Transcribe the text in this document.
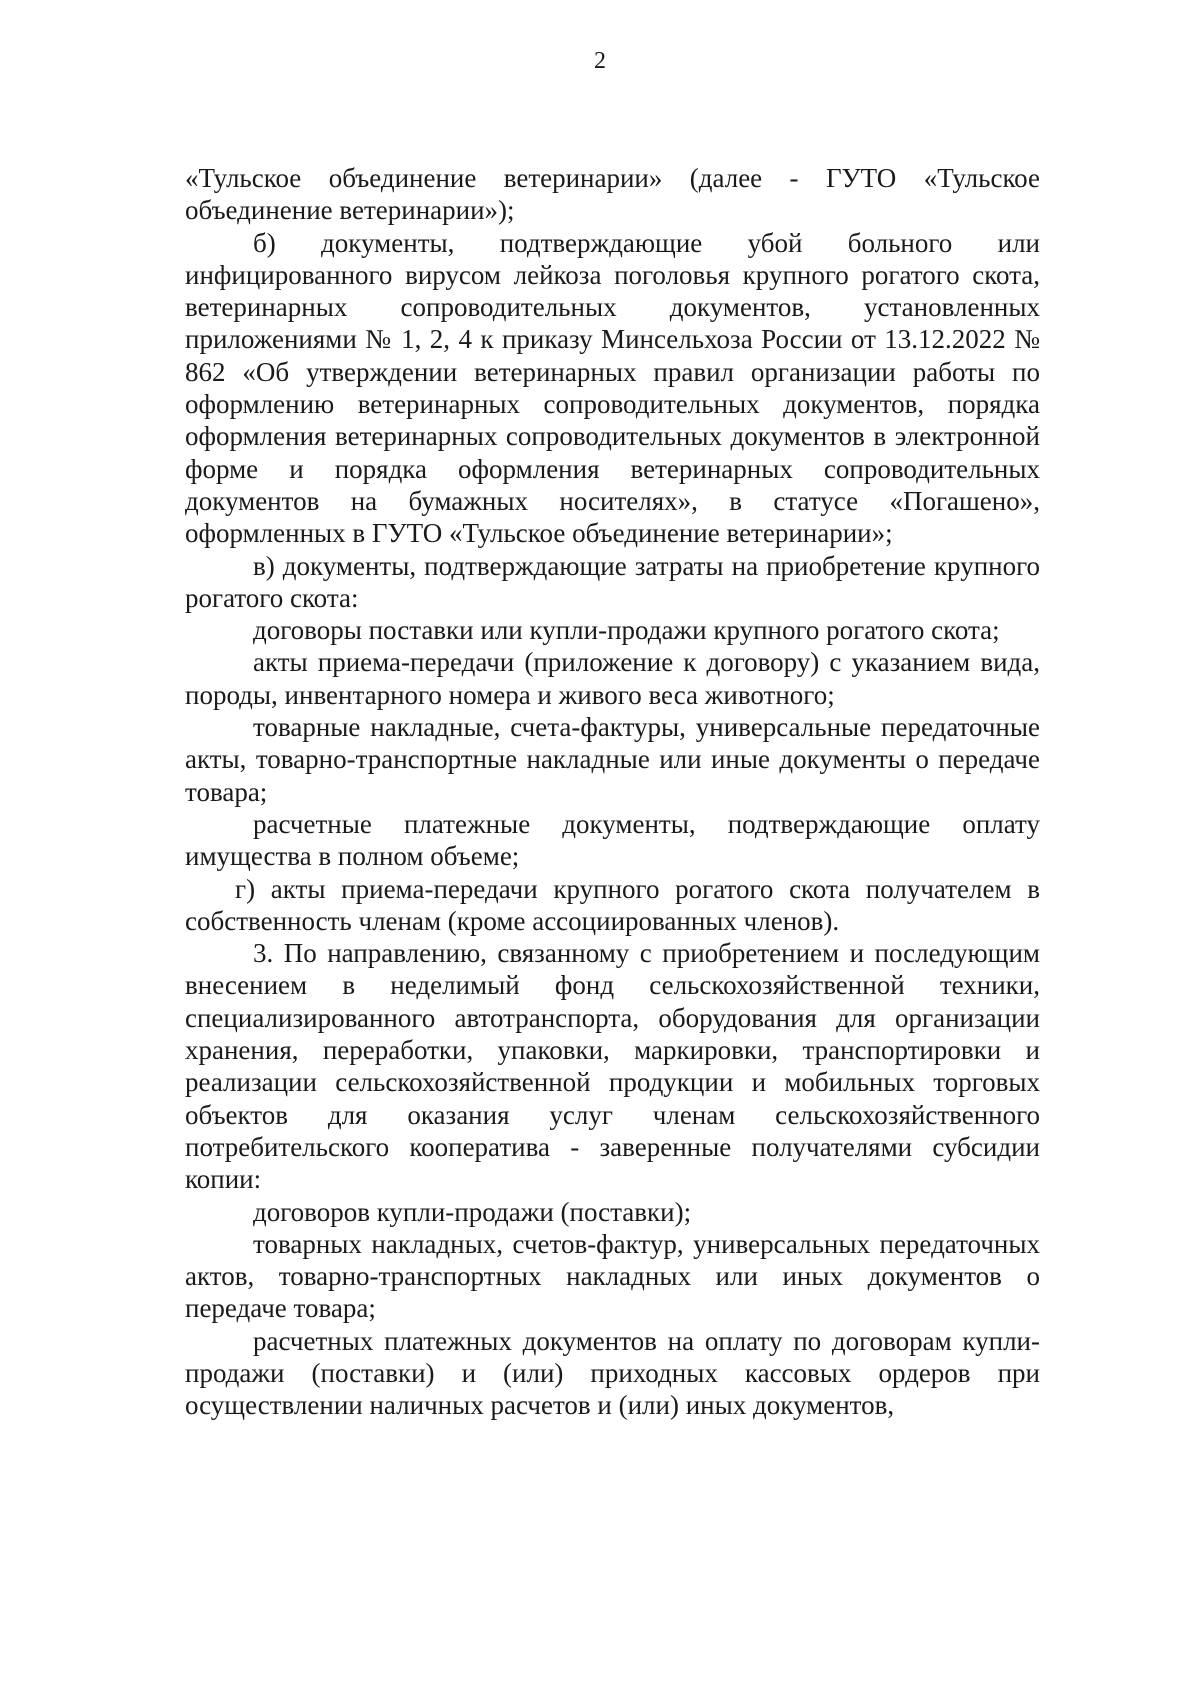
2

«Тульское объединение ветеринарии» (далее - ГУТО «Тульское объединение ветеринарии»);

б) документы, подтверждающие убой больного или инфицированного вирусом лейкоза поголовья крупного рогатого скота, ветеринарных сопроводительных документов, установленных приложениями № 1, 2, 4 к приказу Минсельхоза России от 13.12.2022 № 862 «Об утверждении ветеринарных правил организации работы по оформлению ветеринарных сопроводительных документов, порядка оформления ветеринарных сопроводительных документов в электронной форме и порядка оформления ветеринарных сопроводительных документов на бумажных носителях», в статусе «Погашено», оформленных в ГУТО «Тульское объединение ветеринарии»;

в) документы, подтверждающие затраты на приобретение крупного рогатого скота:

договоры поставки или купли-продажи крупного рогатого скота;

акты приема-передачи (приложение к договору) с указанием вида, породы, инвентарного номера и живого веса животного;

товарные накладные, счета-фактуры, универсальные передаточные акты, товарно-транспортные накладные или иные документы о передаче товара;

расчетные платежные документы, подтверждающие оплату имущества в полном объеме;

г) акты приема-передачи крупного рогатого скота получателем в собственность членам (кроме ассоциированных членов).

3. По направлению, связанному с приобретением и последующим внесением в неделимый фонд сельскохозяйственной техники, специализированного автотранспорта, оборудования для организации хранения, переработки, упаковки, маркировки, транспортировки и реализации сельскохозяйственной продукции и мобильных торговых объектов для оказания услуг членам сельскохозяйственного потребительского кооператива - заверенные получателями субсидии копии:

договоров купли-продажи (поставки);

товарных накладных, счетов-фактур, универсальных передаточных актов, товарно-транспортных накладных или иных документов о передаче товара;

расчетных платежных документов на оплату по договорам купли-продажи (поставки) и (или) приходных кассовых ордеров при осуществлении наличных расчетов и (или) иных документов,
